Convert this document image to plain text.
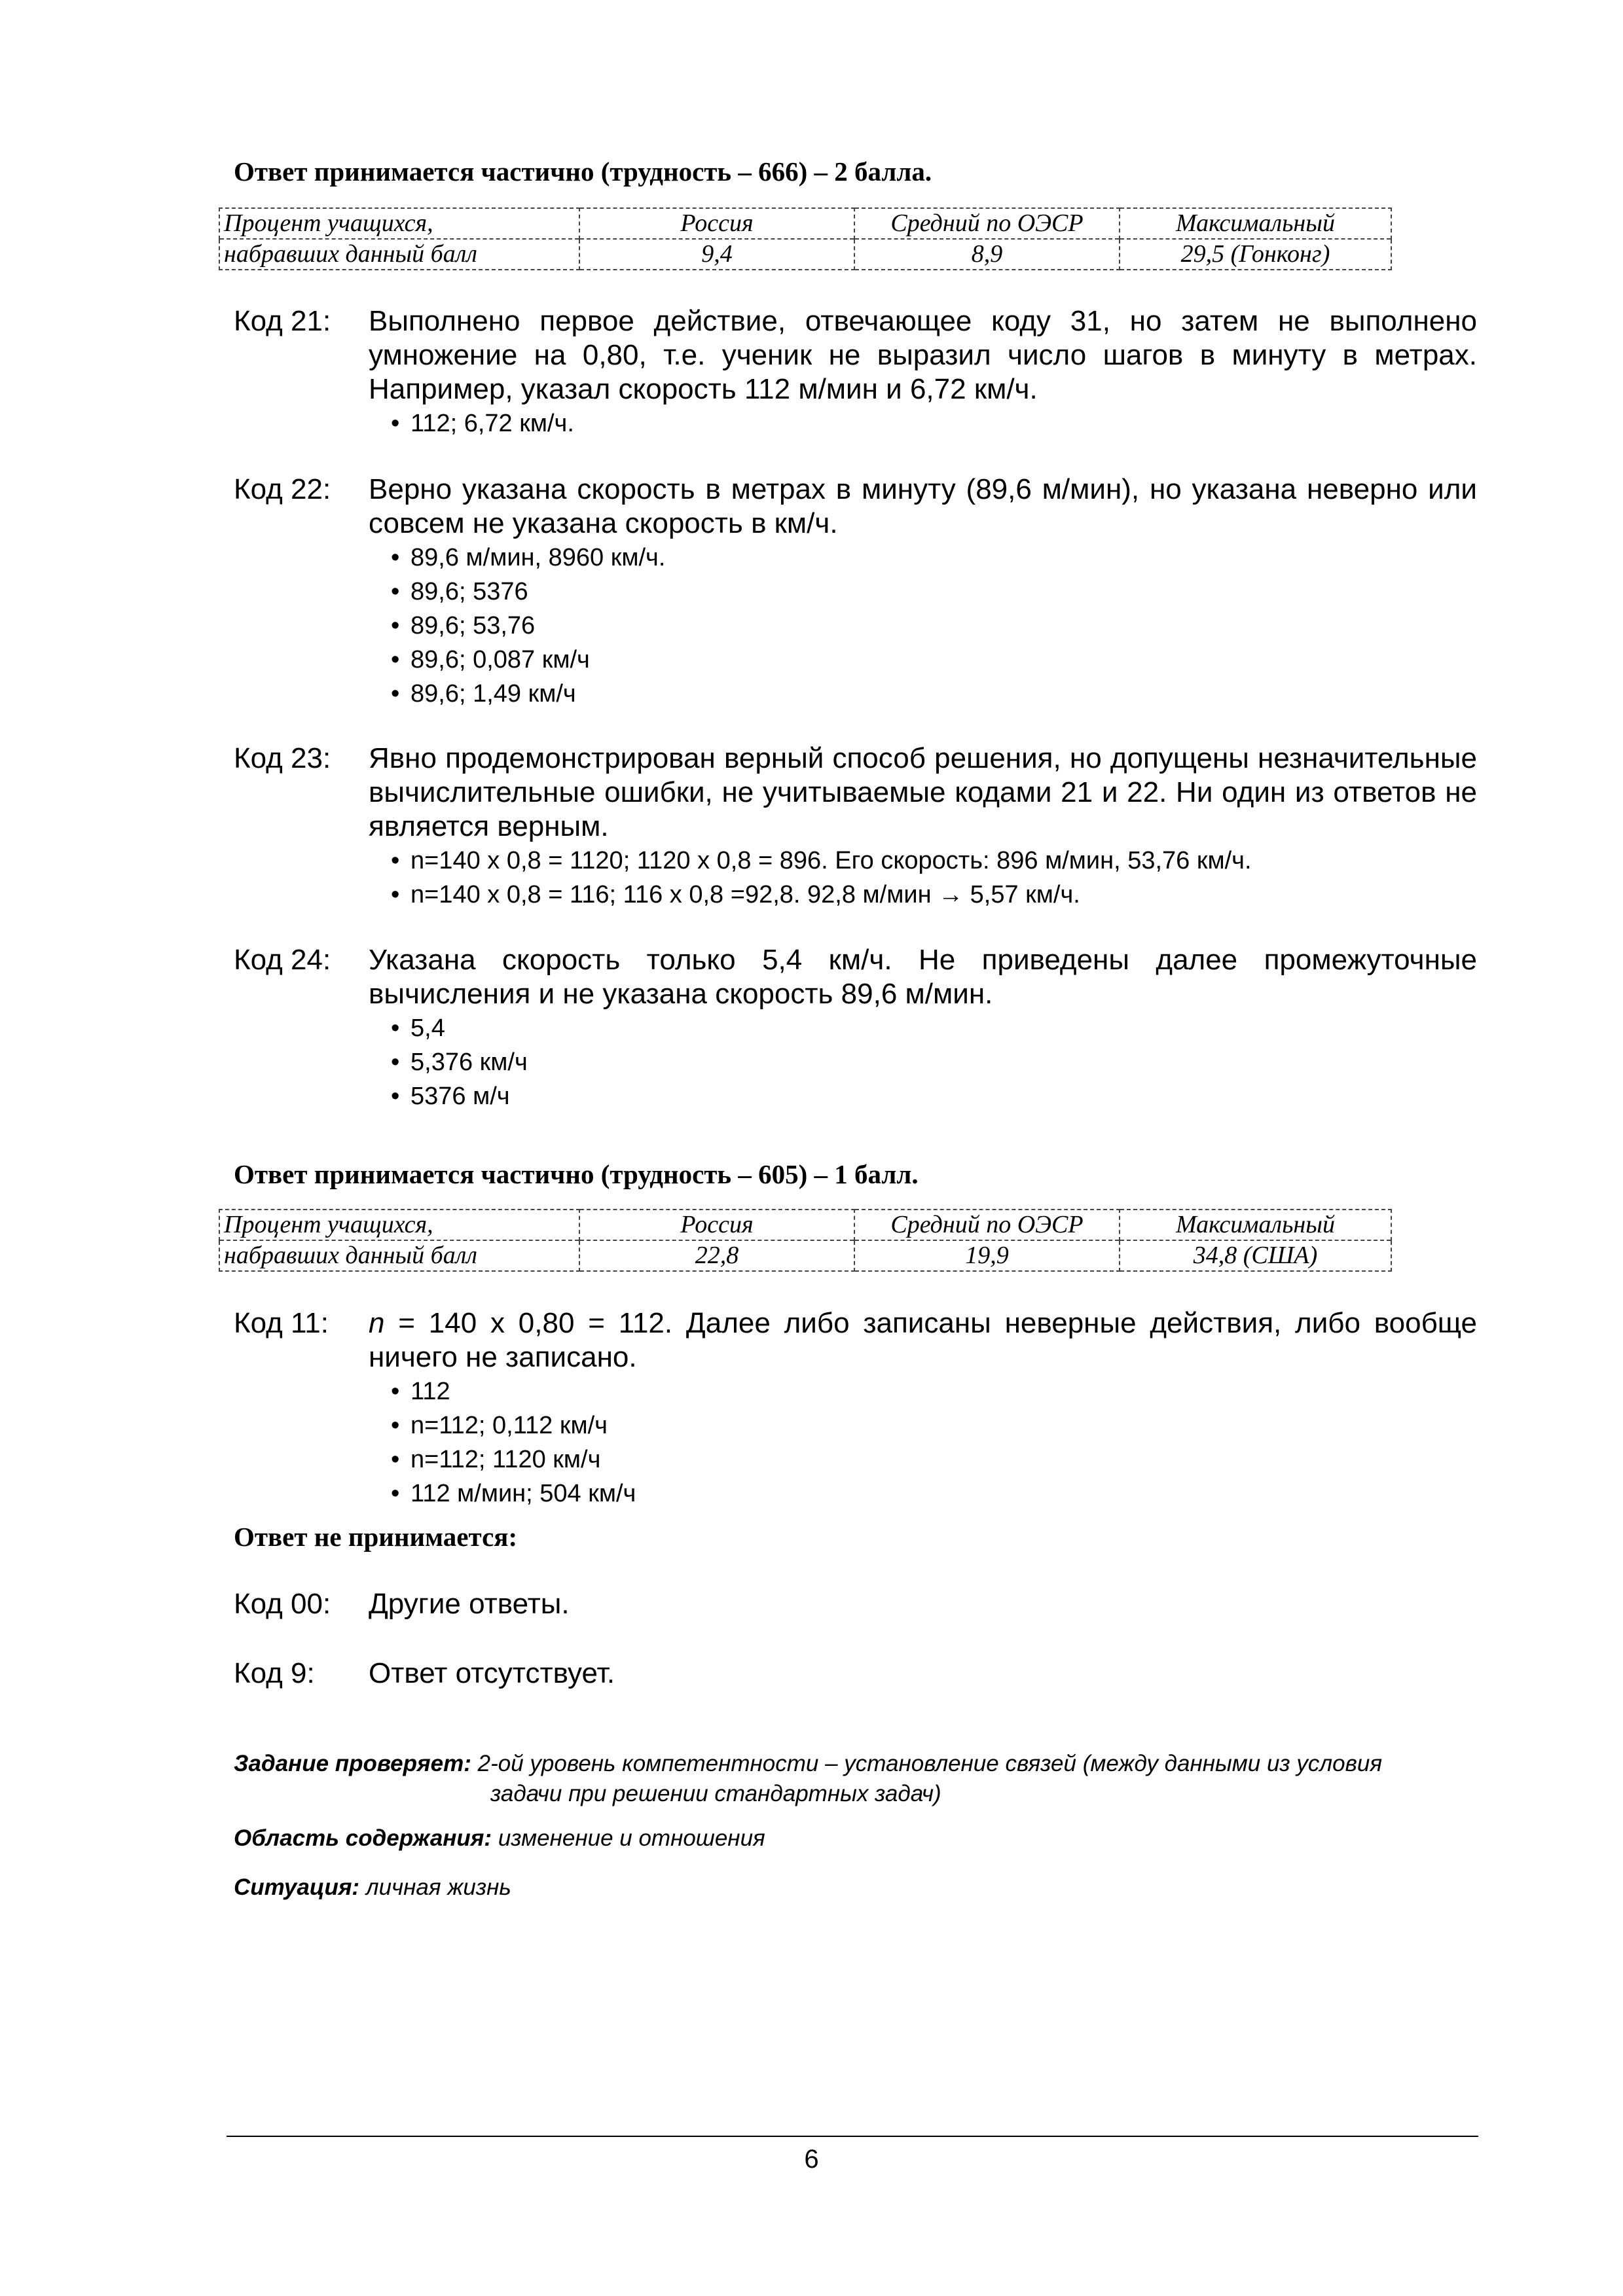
Ответ принимается частично (трудность – 666) – 2 балла.
Процент учащихся,	Россия	Средний по ОЭСР	Максимальный
набравших данный балл	9,4	8,9	29,5 (Гонконг)
Код 21: Выполнено первое действие, отвечающее коду 31, но затем не выполнено умножение на 0,80, т.е. ученик не выразил число шагов в минуту в метрах. Например, указал скорость 112 м/мин и 6,72 км/ч.

• 112; 6,72 км/ч.
Код 22: Верно указана скорость в метрах в минуту (89,6 м/мин), но указана неверно или совсем не указана скорость в км/ч.

• 89,6 м/мин, 8960 км/ч.
• 89,6; 5376
• 89,6; 53,76
• 89,6; 0,087 км/ч
• 89,6; 1,49 км/ч
Код 23: Явно продемонстрирован верный способ решения, но допущены незначительные вычислительные ошибки, не учитываемые кодами 21 и 22. Ни один из ответов не является верным.

• n=140 x 0,8 = 1120; 1120 x 0,8 = 896. Его скорость: 896 м/мин, 53,76 км/ч.
• n=140 x 0,8 = 116; 116 x 0,8 =92,8. 92,8 м/мин → 5,57 км/ч.
Код 24: Указана скорость только 5,4 км/ч. Не приведены далее промежуточные вычисления и не указана скорость 89,6 м/мин.

• 5,4
• 5,376 км/ч
• 5376 м/ч
Ответ принимается частично (трудность – 605) – 1 балл.
Процент учащихся,	Россия	Средний по ОЭСР	Максимальный
набравших данный балл	22,8	19,9	34,8 (США)
Код 11: n = 140 x 0,80 = 112. Далее либо записаны неверные действия, либо вообще ничего не записано.

• 112
• n=112; 0,112 км/ч
• n=112; 1120 км/ч
• 112 м/мин; 504 км/ч
Ответ не принимается:
Код 00: Другие ответы.

Код 9: Ответ отсутствует.

Задание проверяет: 2-ой уровень компетентности – установление связей (между данными из условия
задачи при решении стандартных задач)
Область содержания: изменение и отношения
Ситуация: личная жизнь
6
